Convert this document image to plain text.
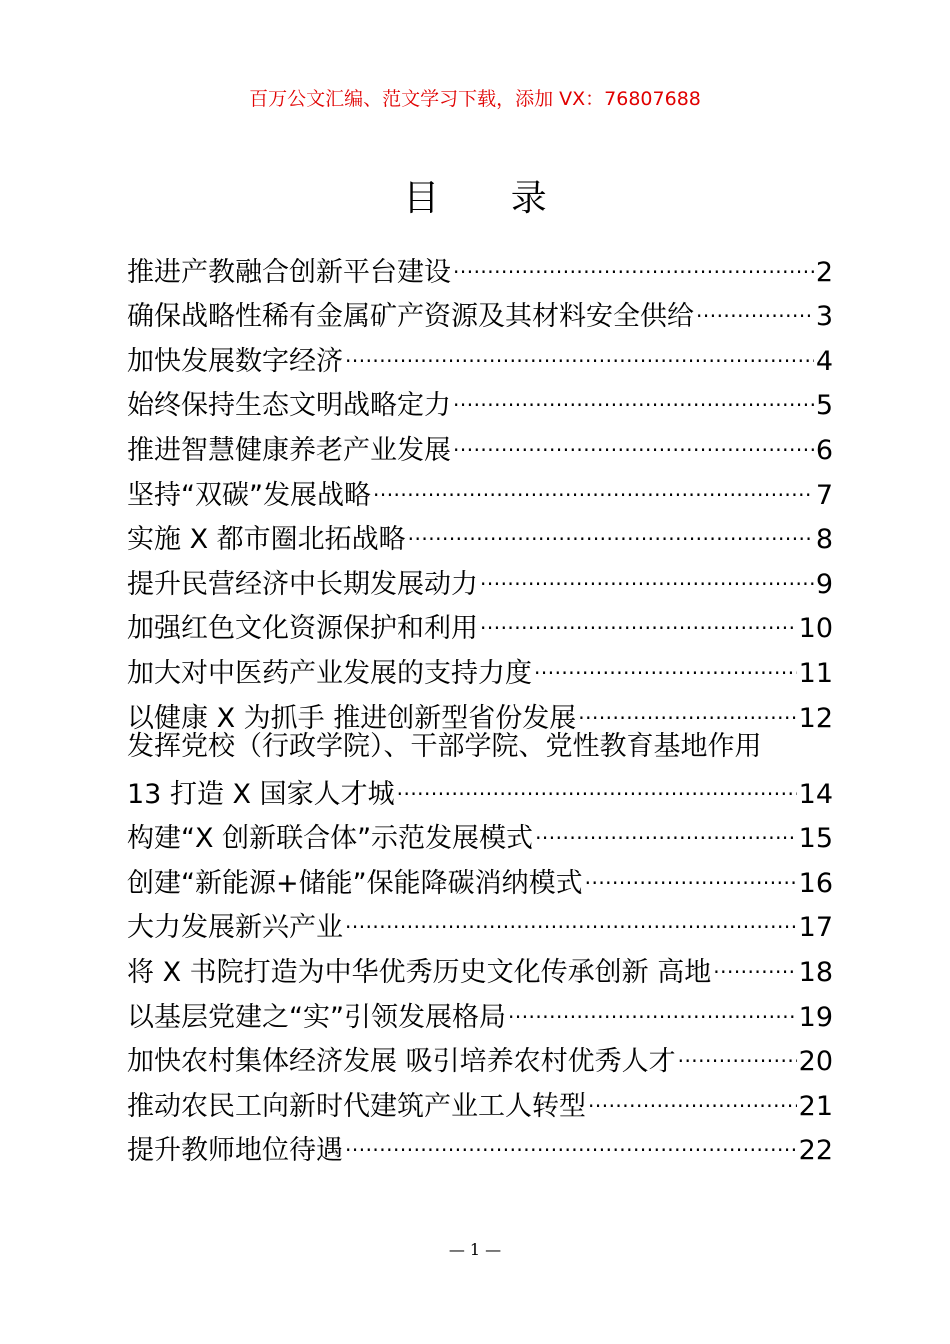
百万公文汇编、范文学习下载，添加 VX：76807688
目 录
推进产教融合创新平台建设 .....	2
确保战略性稀有金属矿产资源及其材料安全供给 .....	3
加快发展数字经济 .....	4
始终保持生态文明战略定力 .....	5
推进智慧健康养老产业发展 .....	6
坚持“双碳”发展战略 .....	7
实施 X 都市圈北拓战略 .....	8
提升民营经济中长期发展动力 .....	9
加强红色文化资源保护和利用 .....	10
加大对中医药产业发展的支持力度 .....	11
以健康 X 为抓手 推进创新型省份发展 .....	12
发挥党校（行政学院）、干部学院、党性教育基地作用
13 打造 X 国家人才城 .....	14
构建“X 创新联合体”示范发展模式 .....	15
创建“新能源+储能”保能降碳消纳模式 .....	16
大力发展新兴产业 .....	17
将 X 书院打造为中华优秀历史文化传承创新 高地 .....	18
以基层党建之“实”引领发展格局 .....	19
加快农村集体经济发展 吸引培养农村优秀人才 .....	20
推动农民工向新时代建筑产业工人转型 .....	21
提升教师地位待遇 .....	22
— 1 —
